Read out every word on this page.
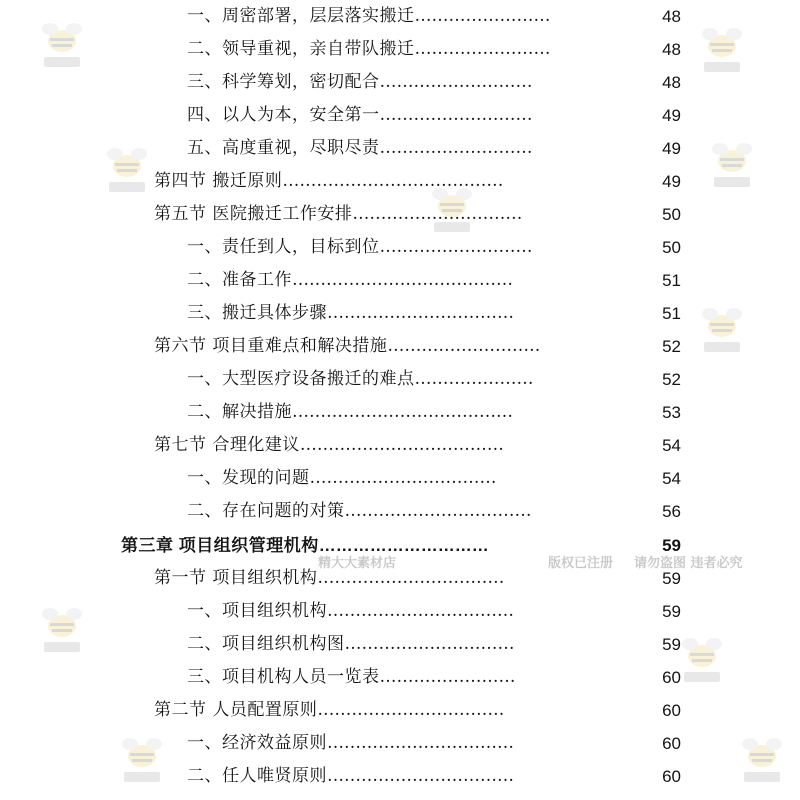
一、周密部署，层层落实搬迁……………………	48
二、领导重视，亲自带队搬迁……………………	48
三、科学筹划，密切配合………………………	48
四、以人为本，安全第一………………………	49
五、高度重视，尽职尽责………………………	49
第四节 搬迁原则…………………………………	49
第五节 医院搬迁工作安排…………………………	50
一、责任到人，目标到位………………………	50
二、准备工作…………………………………	51
三、搬迁具体步骤……………………………	51
第六节 项目重难点和解决措施………………………	52
一、大型医疗设备搬迁的难点…………………	52
二、解决措施…………………………………	53
第七节 合理化建议………………………………	54
一、发现的问题……………………………	54
二、存在问题的对策……………………………	56
第三章 项目组织管理机构…………………………	59
第一节 项目组织机构……………………………	59
一、项目组织机构……………………………	59
二、项目组织机构图…………………………	59
三、项目机构人员一览表……………………	60
第二节 人员配置原则……………………………	60
一、经济效益原则……………………………	60
二、任人唯贤原则……………………………	60
版权已注册 请勿盗图 违者必究
精大大素材店
